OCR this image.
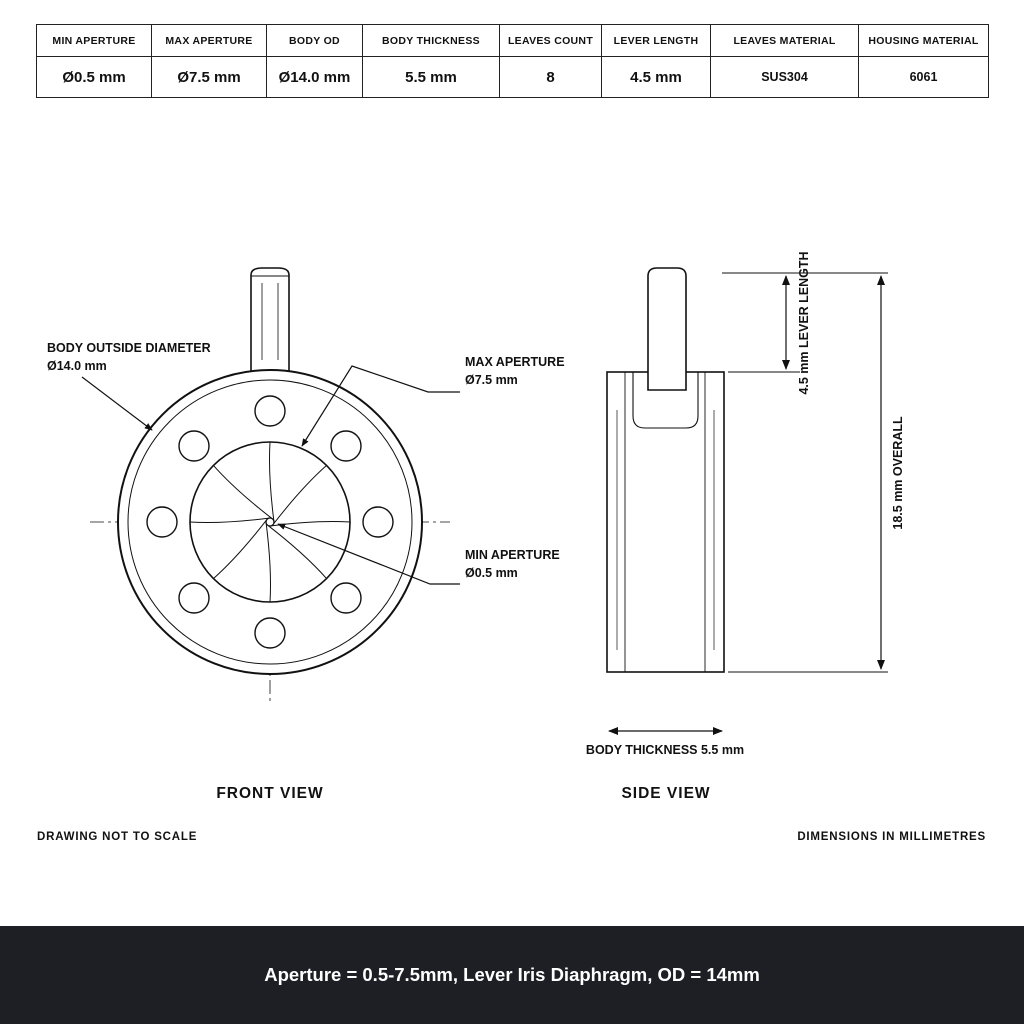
MIN APERTURE	MAX APERTURE	BODY OD	BODY THICKNESS	LEAVES COUNT	LEVER LENGTH	LEAVES MATERIAL	HOUSING MATERIAL
Ø0.5 mm	Ø7.5 mm	Ø14.0 mm	5.5 mm	8	4.5 mm	SUS304	6061
BODY OUTSIDE DIAMETER
Ø14.0 mm	MAX APERTURE
Ø7.5 mm
MIN APERTURE
Ø0.5 mm
4.5 mm LEVER LENGTH
18.5 mm OVERALL
BODY THICKNESS 5.5 mm
FRONT VIEW	SIDE VIEW
DRAWING NOT TO SCALE	DIMENSIONS IN MILLIMETRES
Aperture = 0.5-7.5mm, Lever Iris Diaphragm, OD = 14mm
